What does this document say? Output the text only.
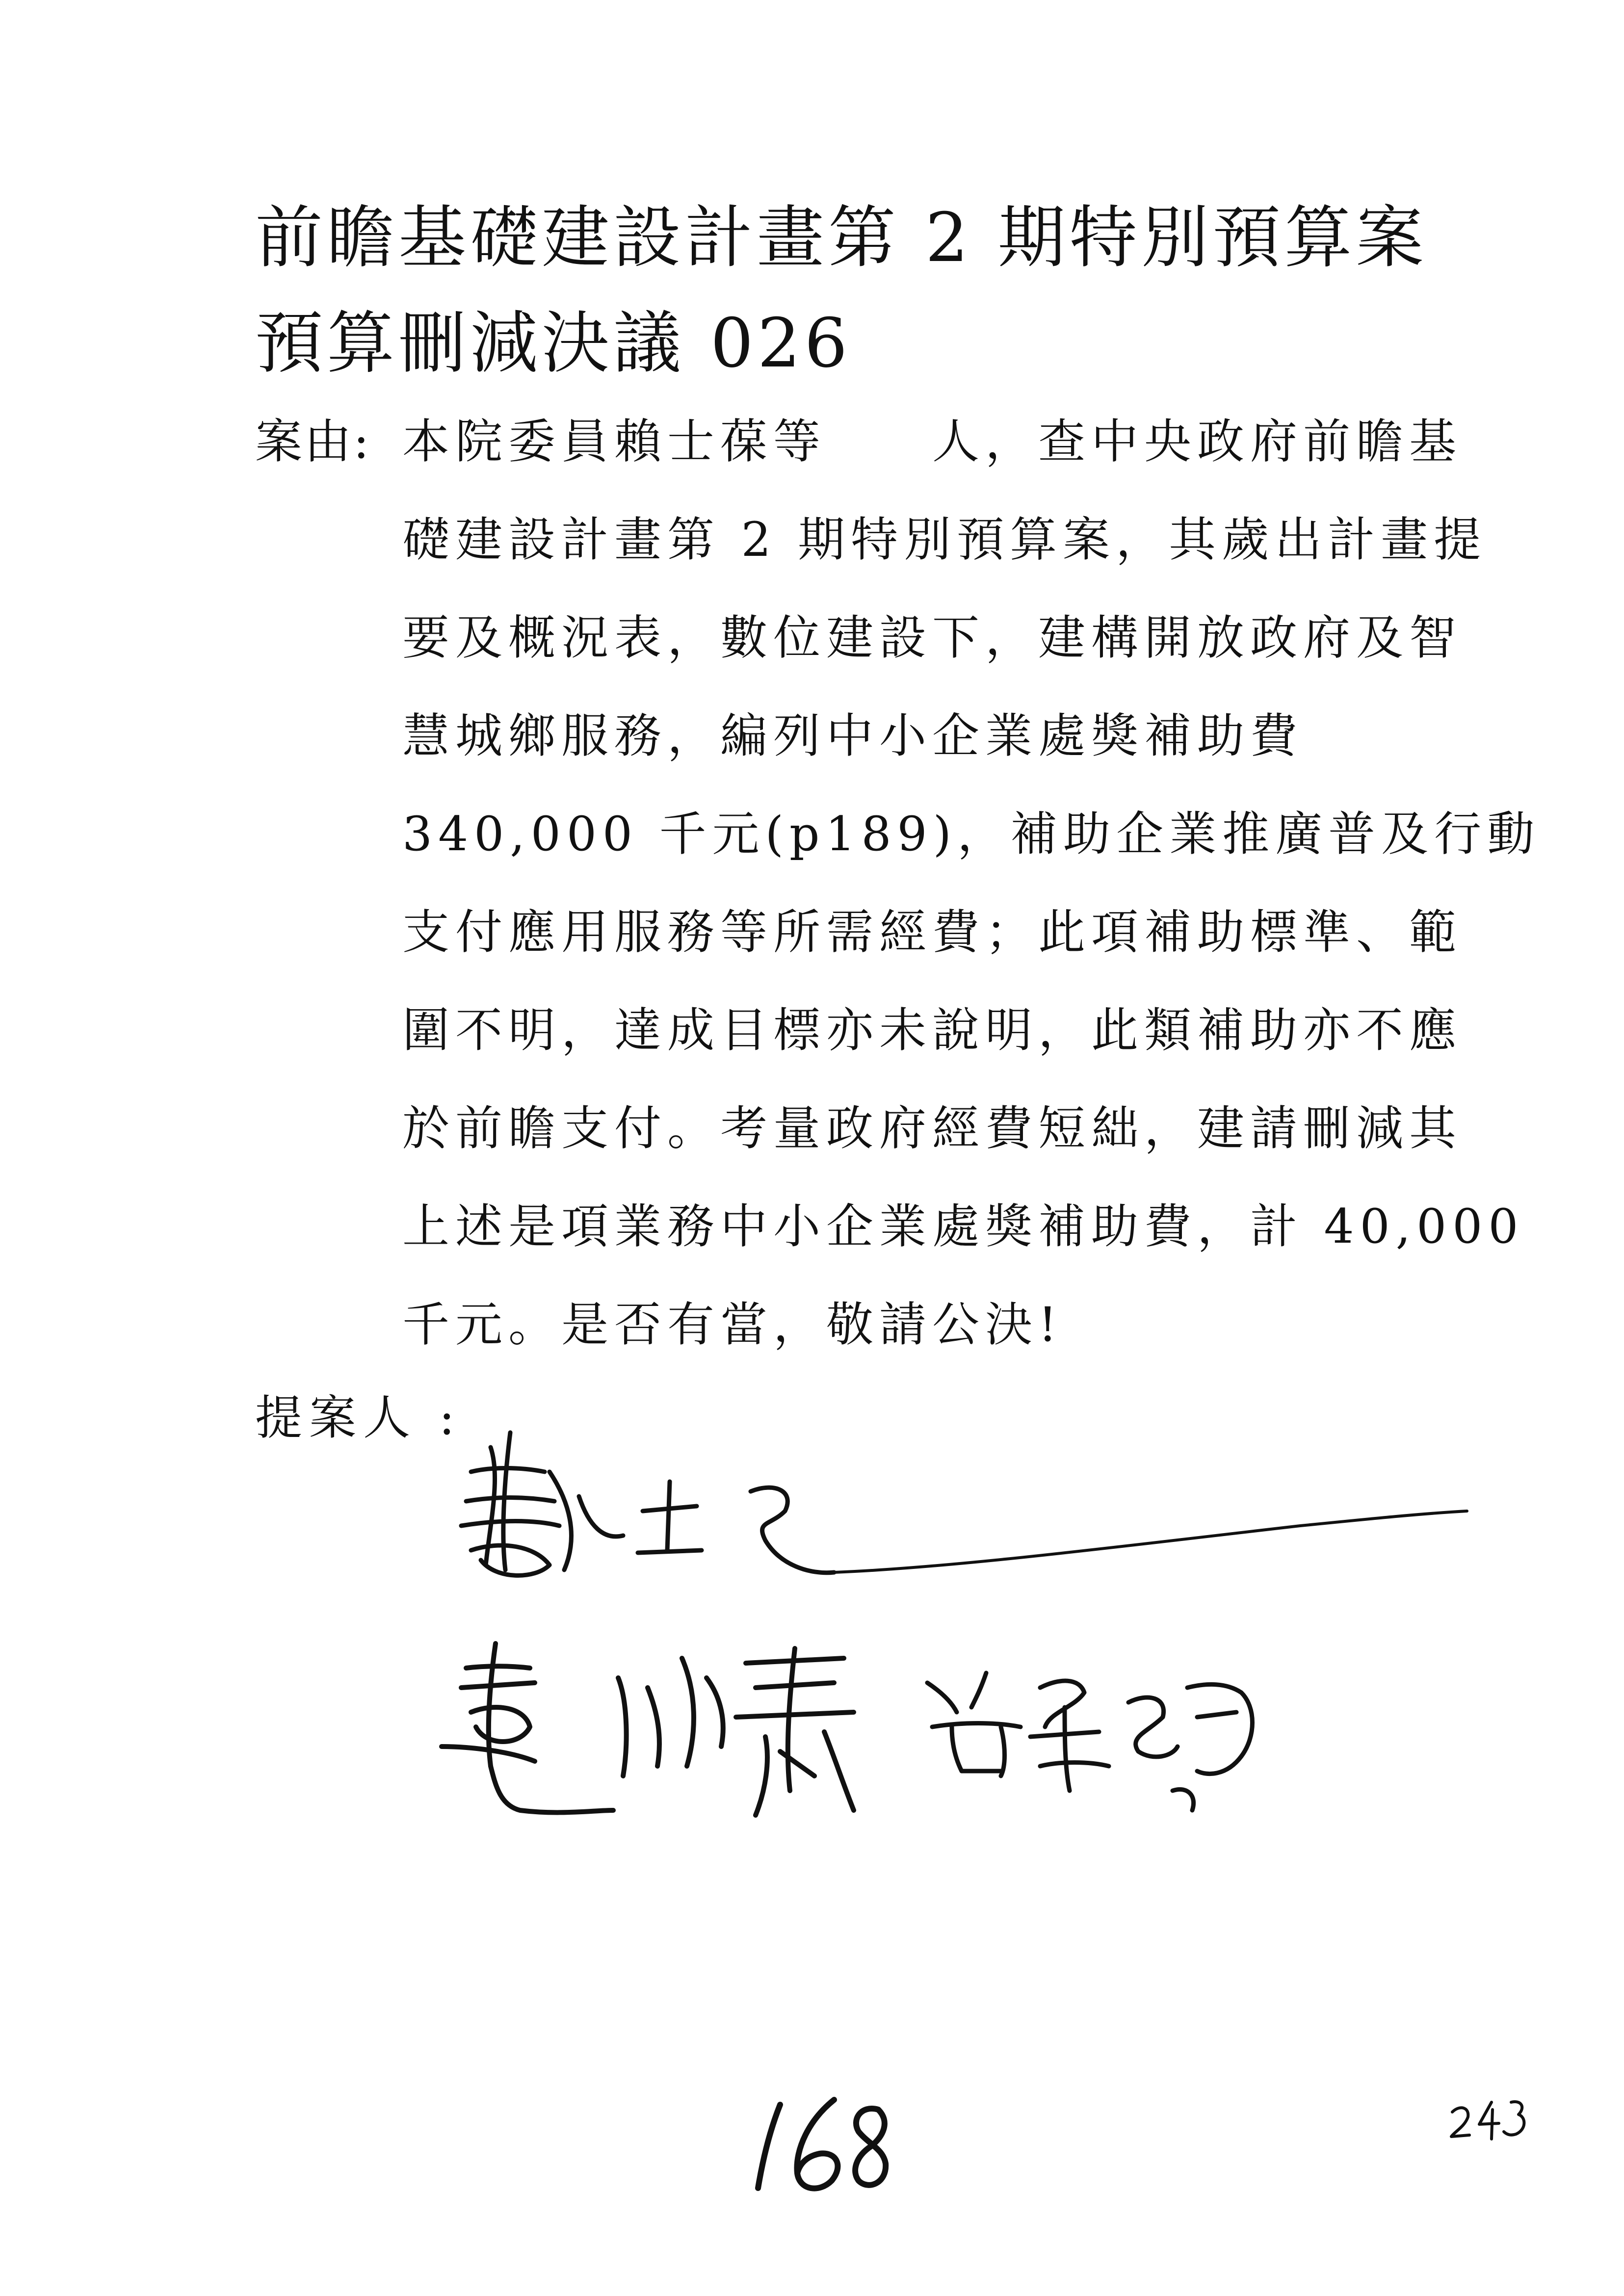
前瞻基礎建設計畫第 2 期特別預算案
預算刪減決議 026
案由: 本院委員賴士葆等　　人，查中央政府前瞻基
礎建設計畫第 2 期特別預算案，其歲出計畫提
要及概況表，數位建設下，建構開放政府及智
慧城鄉服務，編列中小企業處獎補助費
340,000 千元(p189)，補助企業推廣普及行動
支付應用服務等所需經費；此項補助標準、範
圍不明，達成目標亦未說明，此類補助亦不應
於前瞻支付。考量政府經費短絀，建請刪減其
上述是項業務中小企業處獎補助費，計 40,000
千元。是否有當，敬請公決!
提案人 :
